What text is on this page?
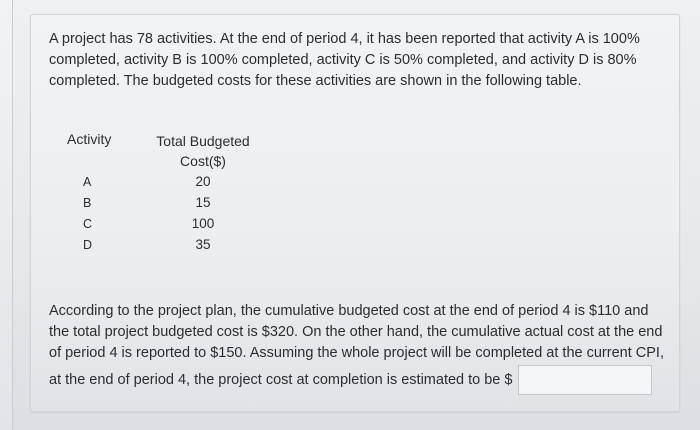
A project has 78 activities. At the end of period 4, it has been reported that activity A is 100% completed, activity B is 100% completed, activity C is 50% completed, and activity D is 80% completed. The budgeted costs for these activities are shown in the following table.

Activity	Total Budgeted
Cost($)
A	20
B	15
C	100
D	35

According to the project plan, the cumulative budgeted cost at the end of period 4 is $110 and the total project budgeted cost is $320. On the other hand, the cumulative actual cost at the end of period 4 is reported to $150. Assuming the whole project will be completed at the current CPI,

at the end of period 4, the project cost at completion is estimated to be $
